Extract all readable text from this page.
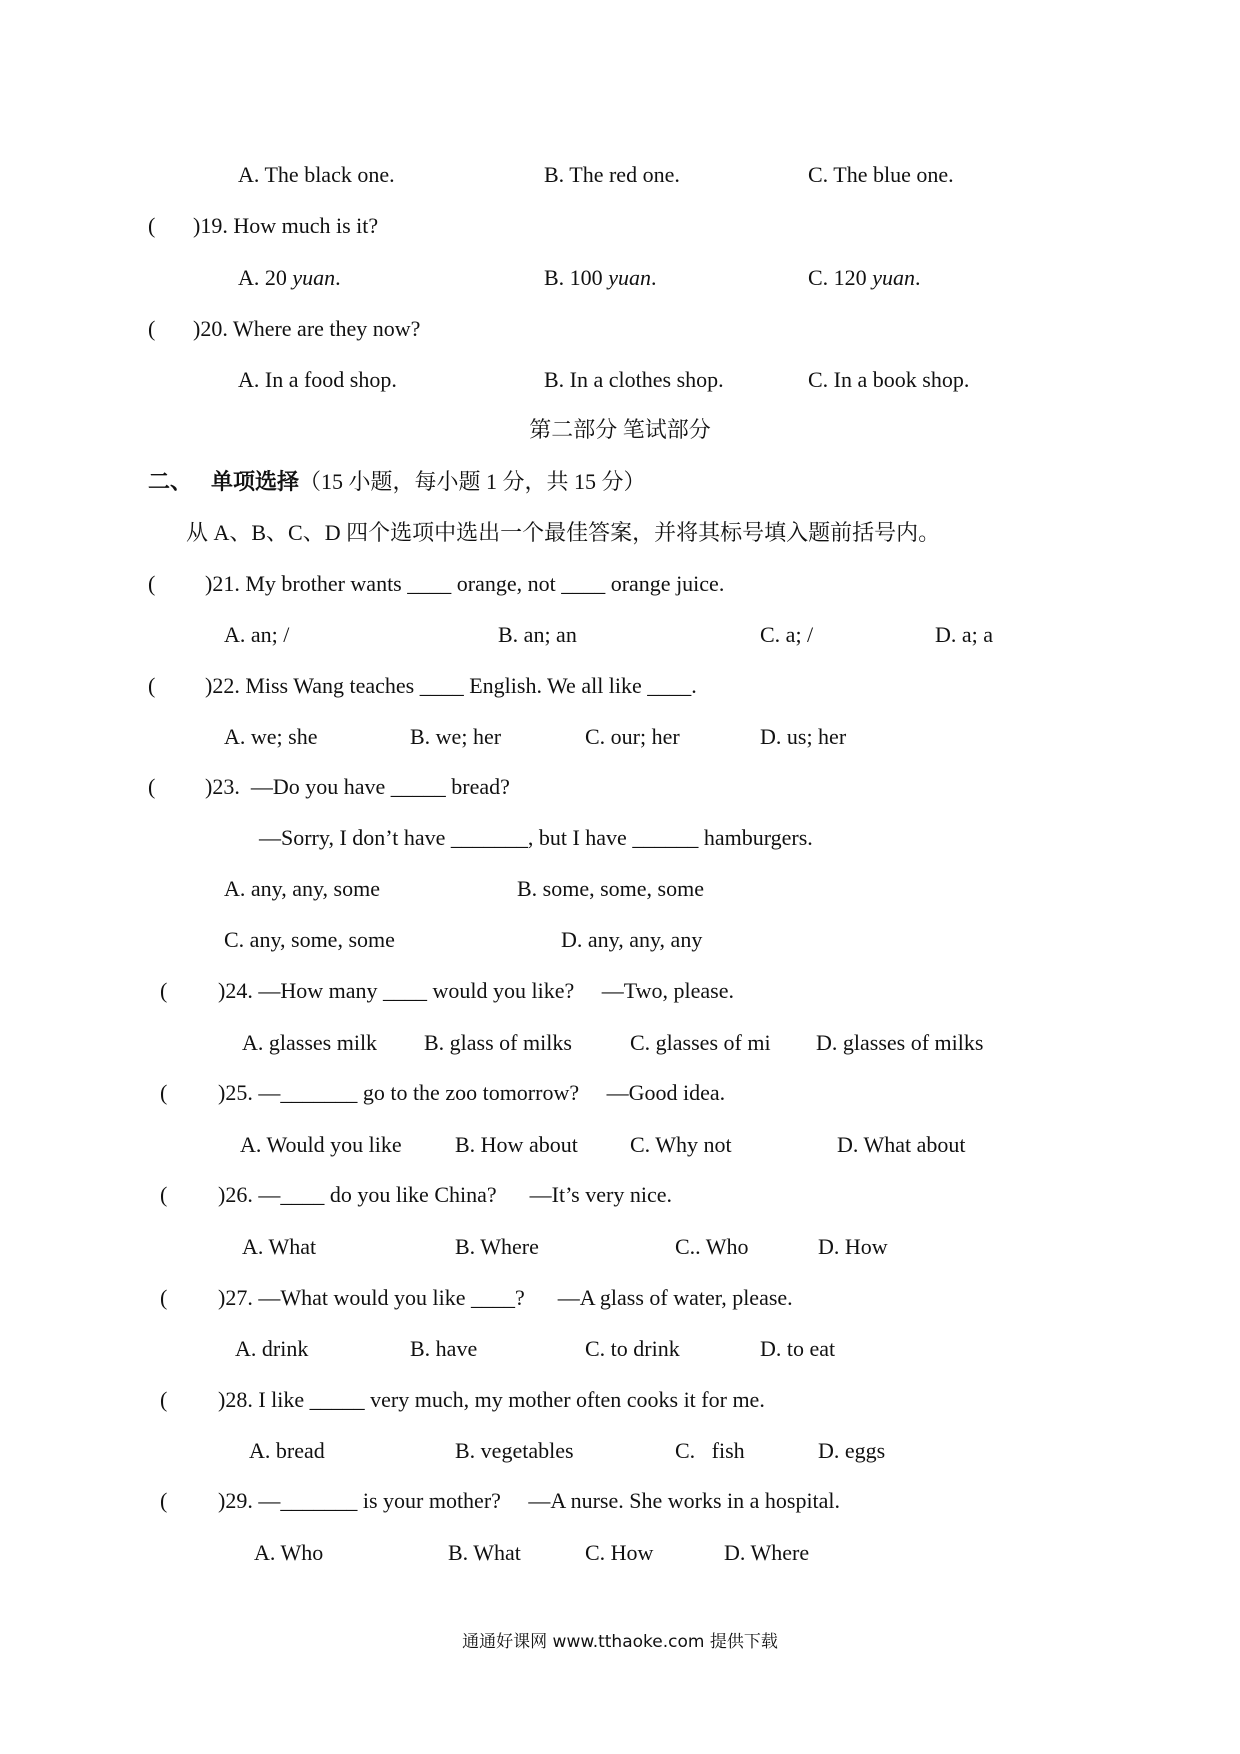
A. The black one.	B. The red one.	C. The blue one.
( )19. How much is it?
A. 20 yuan.	B. 100 yuan.	C. 120 yuan.
( )20. Where are they now?
A. In a food shop.	B. In a clothes shop.	C. In a book shop.
第二部分 笔试部分
二、 单项选择（15 小题，每小题 1 分，共 15 分）
从 A、B、C、D 四个选项中选出一个最佳答案，并将其标号填入题前括号内。
( )21. My brother wants ____ orange, not ____ orange juice.
A. an; /	B. an; an	C. a; /	D. a; a
( )22. Miss Wang teaches ____ English. We all like ____.
A. we; she	B. we; her	C. our; her	D. us; her
( )23.  —Do you have _____ bread?
—Sorry, I don’t have _______, but I have ______ hamburgers.
A. any, any, some	B. some, some, some
C. any, some, some	D. any, any, any
( )24. —How many ____ would you like?     —Two, please.
A. glasses milk B. glass of milks	C. glasses of mi D. glasses of milks
( )25. —_______ go to the zoo tomorrow?     —Good idea.
A. Would you like B. How about C. Why not	D. What about
( )26. —____ do you like China?      —It’s very nice.
A. What	B. Where	C.. Who	D. How
( )27. —What would you like ____?      —A glass of water, please.
A. drink	B. have	C. to drink	D. to eat
( )28. I like _____ very much, my mother often cooks it for me.
A. bread	B. vegetables	C.   fish	D. eggs
( )29. —_______ is your mother?     —A nurse. She works in a hospital.
A. Who	B. What	C. How	D. Where
通通好课网 www.tthaoke.com 提供下载
